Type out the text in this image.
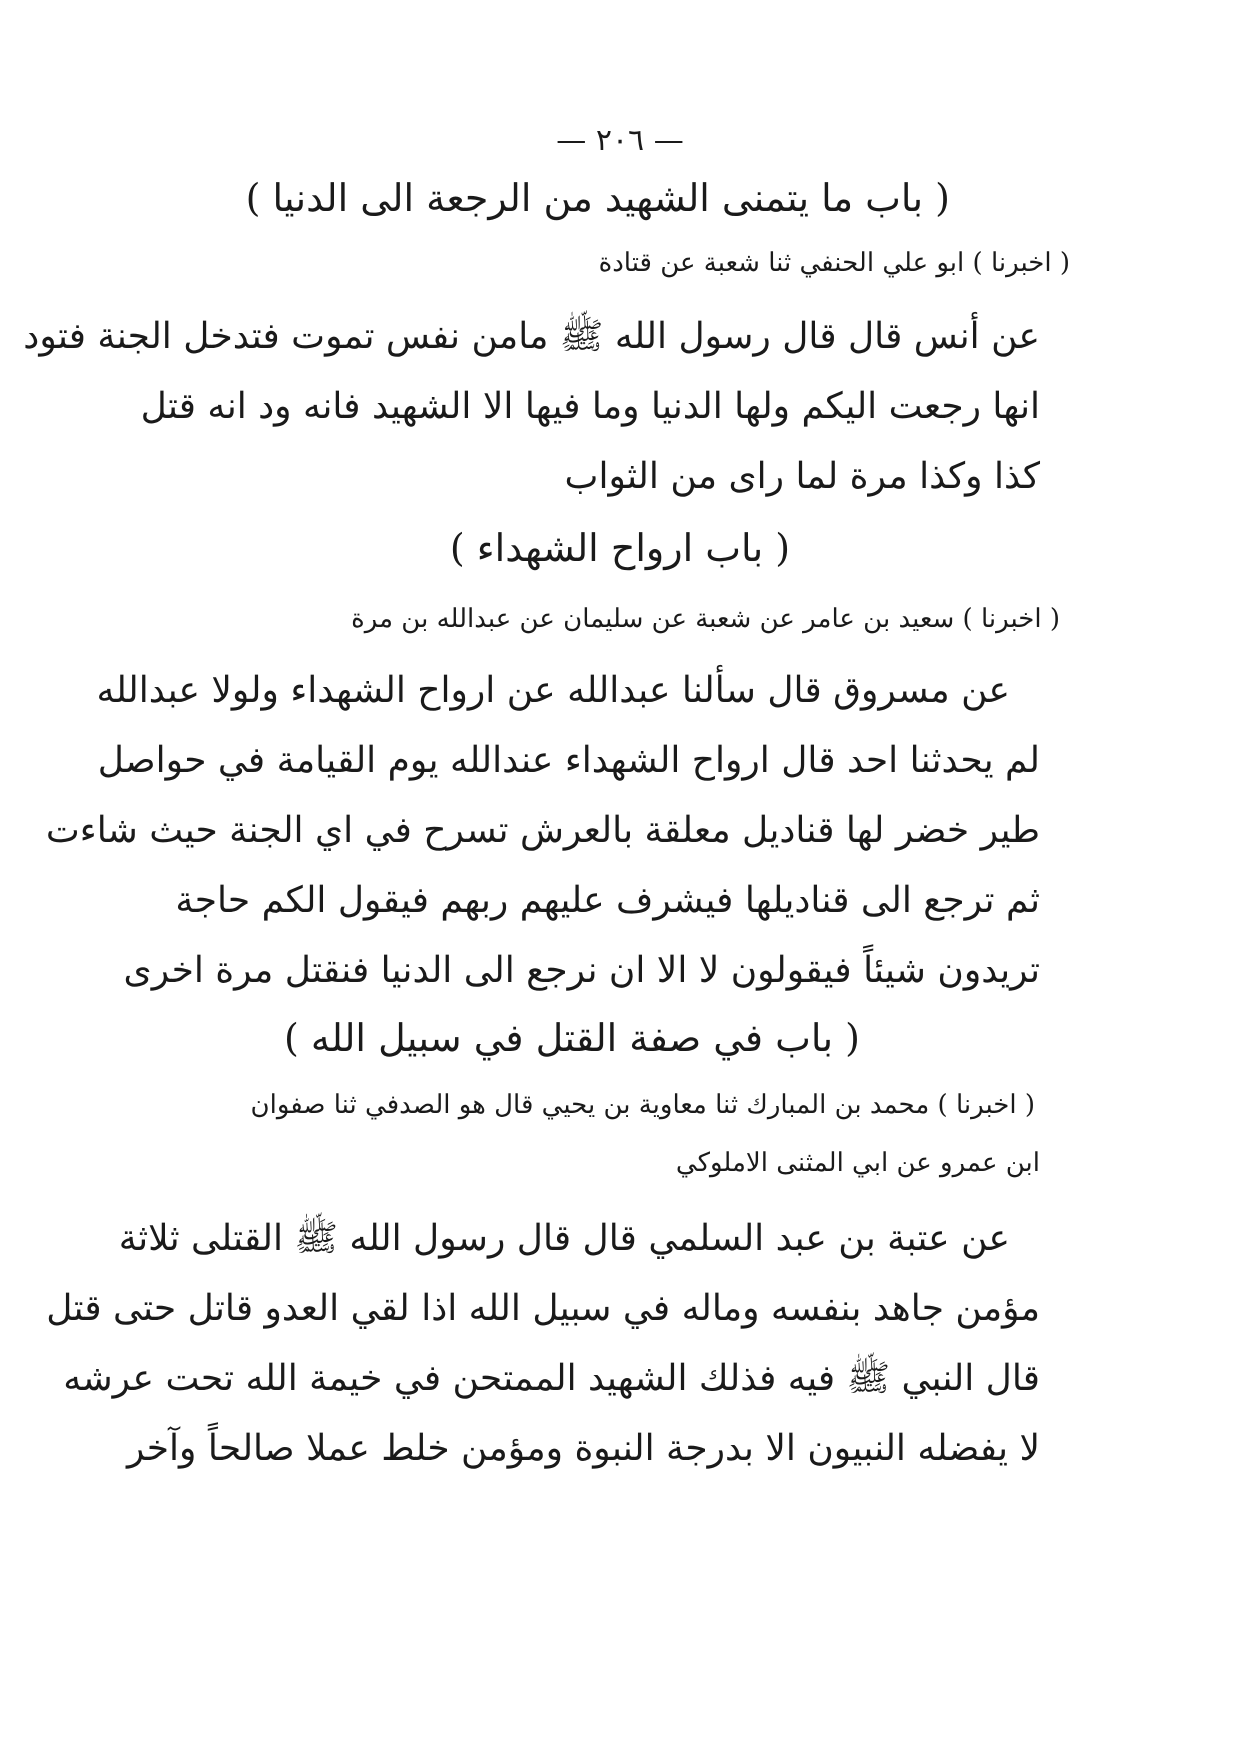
— ٢٠٦ —
( باب ما يتمنى الشهيد من الرجعة الى الدنيا )
( اخبرنا ) ابو علي الحنفي ثنا شعبة عن قتادة
عن أنس قال قال رسول الله ﷺ مامن نفس تموت فتدخل الجنة فتود
انها رجعت اليكم ولها الدنيا وما فيها الا الشهيد فانه ود انه قتل
كذا وكذا مرة لما راى من الثواب
( باب ارواح الشهداء )
( اخبرنا ) سعيد بن عامر عن شعبة عن سليمان عن عبدالله بن مرة
عن مسروق قال سألنا عبدالله عن ارواح الشهداء ولولا عبدالله
لم يحدثنا احد قال ارواح الشهداء عندالله يوم القيامة في حواصل
طير خضر لها قناديل معلقة بالعرش تسرح في اي الجنة حيث شاءت
ثم ترجع الى قناديلها فيشرف عليهم ربهم فيقول الكم حاجة
تريدون شيئاً فيقولون لا الا ان نرجع الى الدنيا فنقتل مرة اخرى
( باب في صفة القتل في سبيل الله )
( اخبرنا ) محمد بن المبارك ثنا معاوية بن يحيي قال هو الصدفي ثنا صفوان
ابن عمرو عن ابي المثنى الاملوكي
عن عتبة بن عبد السلمي قال قال رسول الله ﷺ القتلى ثلاثة
مؤمن جاهد بنفسه وماله في سبيل الله اذا لقي العدو قاتل حتى قتل
قال النبي ﷺ فيه فذلك الشهيد الممتحن في خيمة الله تحت عرشه
لا يفضله النبيون الا بدرجة النبوة ومؤمن خلط عملا صالحاً وآخر
